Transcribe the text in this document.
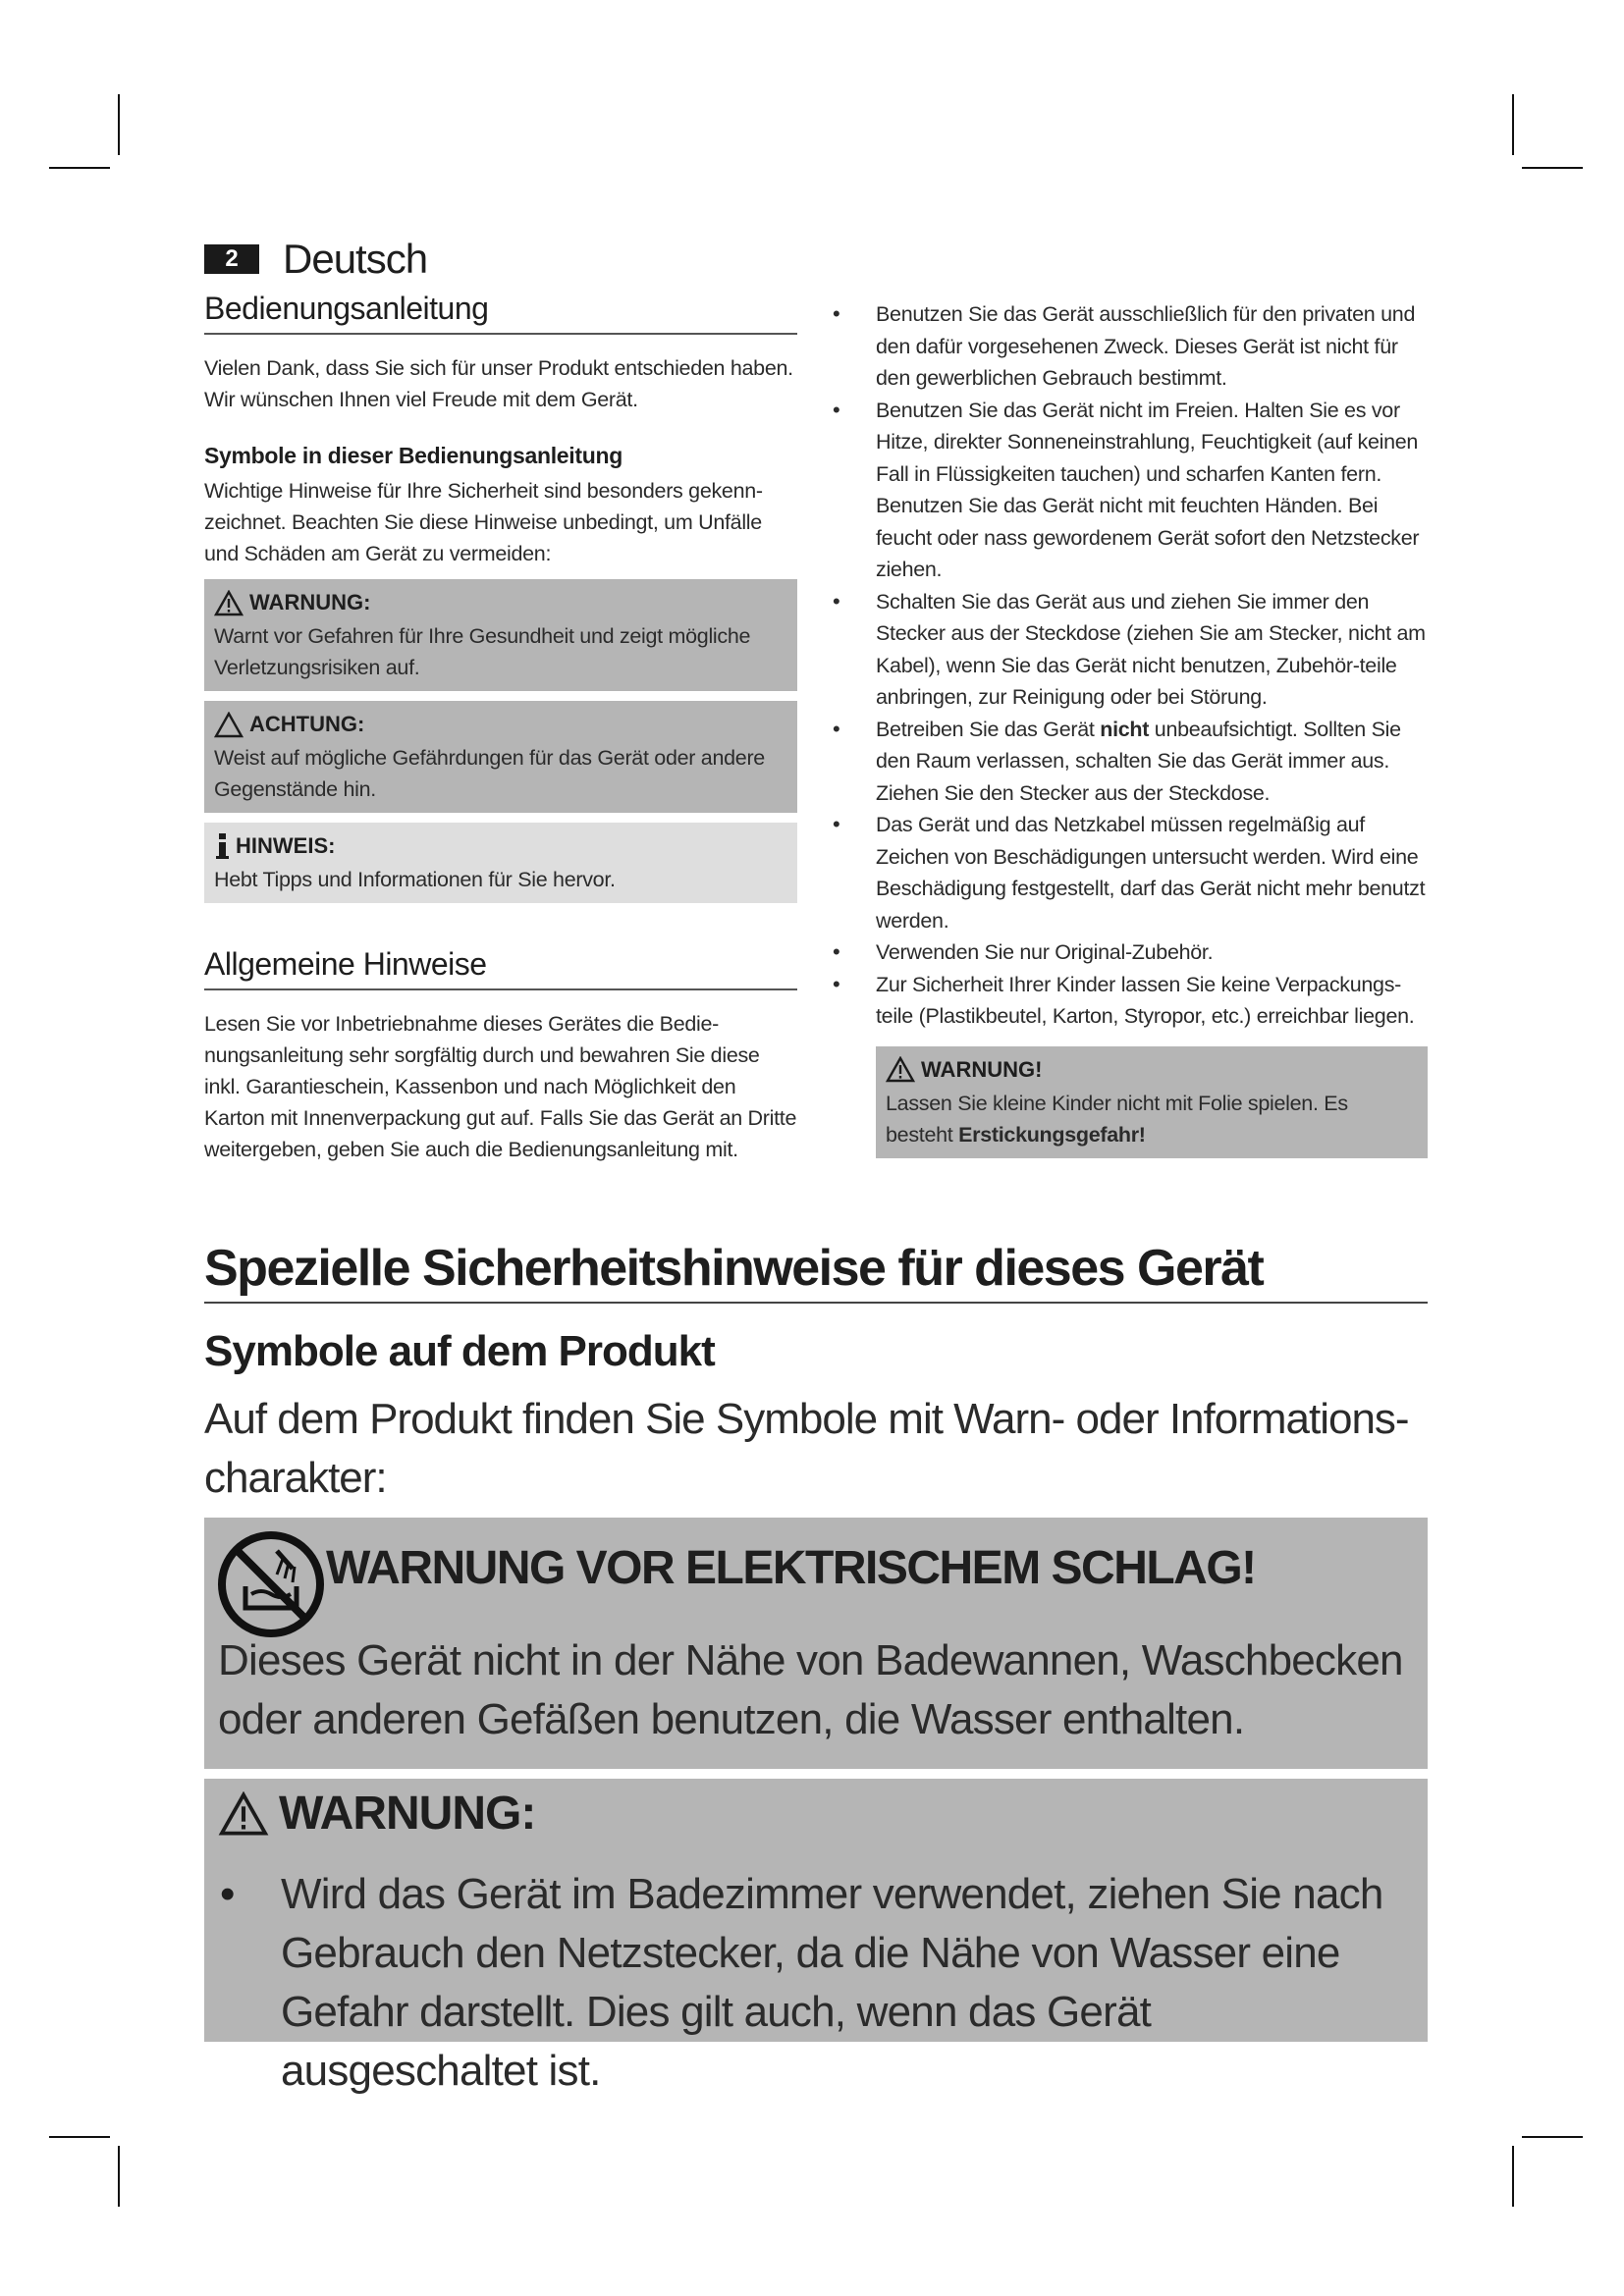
2	Deutsch
Bedienungsanleitung

Vielen Dank, dass Sie sich für unser Produkt entschieden haben. Wir wünschen Ihnen viel Freude mit dem Gerät.

Symbole in dieser Bedienungsanleitung

Wichtige Hinweise für Ihre Sicherheit sind besonders gekenn-zeichnet. Beachten Sie diese Hinweise unbedingt, um Unfälle und Schäden am Gerät zu vermeiden:

WARNUNG:
Warnt vor Gefahren für Ihre Gesundheit und zeigt mögliche Verletzungsrisiken auf.
ACHTUNG:
Weist auf mögliche Gefährdungen für das Gerät oder andere Gegenstände hin.
HINWEIS:
Hebt Tipps und Informationen für Sie hervor.
Allgemeine Hinweise

Lesen Sie vor Inbetriebnahme dieses Gerätes die Bedie-nungsanleitung sehr sorgfältig durch und bewahren Sie diese inkl. Garantieschein, Kassenbon und nach Möglichkeit den Karton mit Innenverpackung gut auf. Falls Sie das Gerät an Dritte weitergeben, geben Sie auch die Bedienungsanleitung mit.

• Benutzen Sie das Gerät ausschließlich für den privaten und den dafür vorgesehenen Zweck. Dieses Gerät ist nicht für den gewerblichen Gebrauch bestimmt.
• Benutzen Sie das Gerät nicht im Freien. Halten Sie es vor Hitze, direkter Sonneneinstrahlung, Feuchtigkeit (auf keinen Fall in Flüssigkeiten tauchen) und scharfen Kanten fern. Benutzen Sie das Gerät nicht mit feuchten Händen. Bei feucht oder nass gewordenem Gerät sofort den Netzstecker ziehen.
• Schalten Sie das Gerät aus und ziehen Sie immer den Stecker aus der Steckdose (ziehen Sie am Stecker, nicht am Kabel), wenn Sie das Gerät nicht benutzen, Zubehör-teile anbringen, zur Reinigung oder bei Störung.
• Betreiben Sie das Gerät nicht unbeaufsichtigt. Sollten Sie den Raum verlassen, schalten Sie das Gerät immer aus. Ziehen Sie den Stecker aus der Steckdose.
• Das Gerät und das Netzkabel müssen regelmäßig auf Zeichen von Beschädigungen untersucht werden. Wird eine Beschädigung festgestellt, darf das Gerät nicht mehr benutzt werden.
• Verwenden Sie nur Original-Zubehör.
• Zur Sicherheit Ihrer Kinder lassen Sie keine Verpackungs-teile (Plastikbeutel, Karton, Styropor, etc.) erreichbar liegen.
WARNUNG!
Lassen Sie kleine Kinder nicht mit Folie spielen. Es besteht Erstickungsgefahr!
Spezielle Sicherheitshinweise für dieses Gerät
Symbole auf dem Produkt
Auf dem Produkt finden Sie Symbole mit Warn- oder Informations-charakter:
WARNUNG VOR ELEKTRISCHEM SCHLAG!
Dieses Gerät nicht in der Nähe von Badewannen, Waschbecken oder anderen Gefäßen benutzen, die Wasser enthalten.
WARNUNG:
• Wird das Gerät im Badezimmer verwendet, ziehen Sie nach Gebrauch den Netzstecker, da die Nähe von Wasser eine Gefahr darstellt. Dies gilt auch, wenn das Gerät ausgeschaltet ist.
